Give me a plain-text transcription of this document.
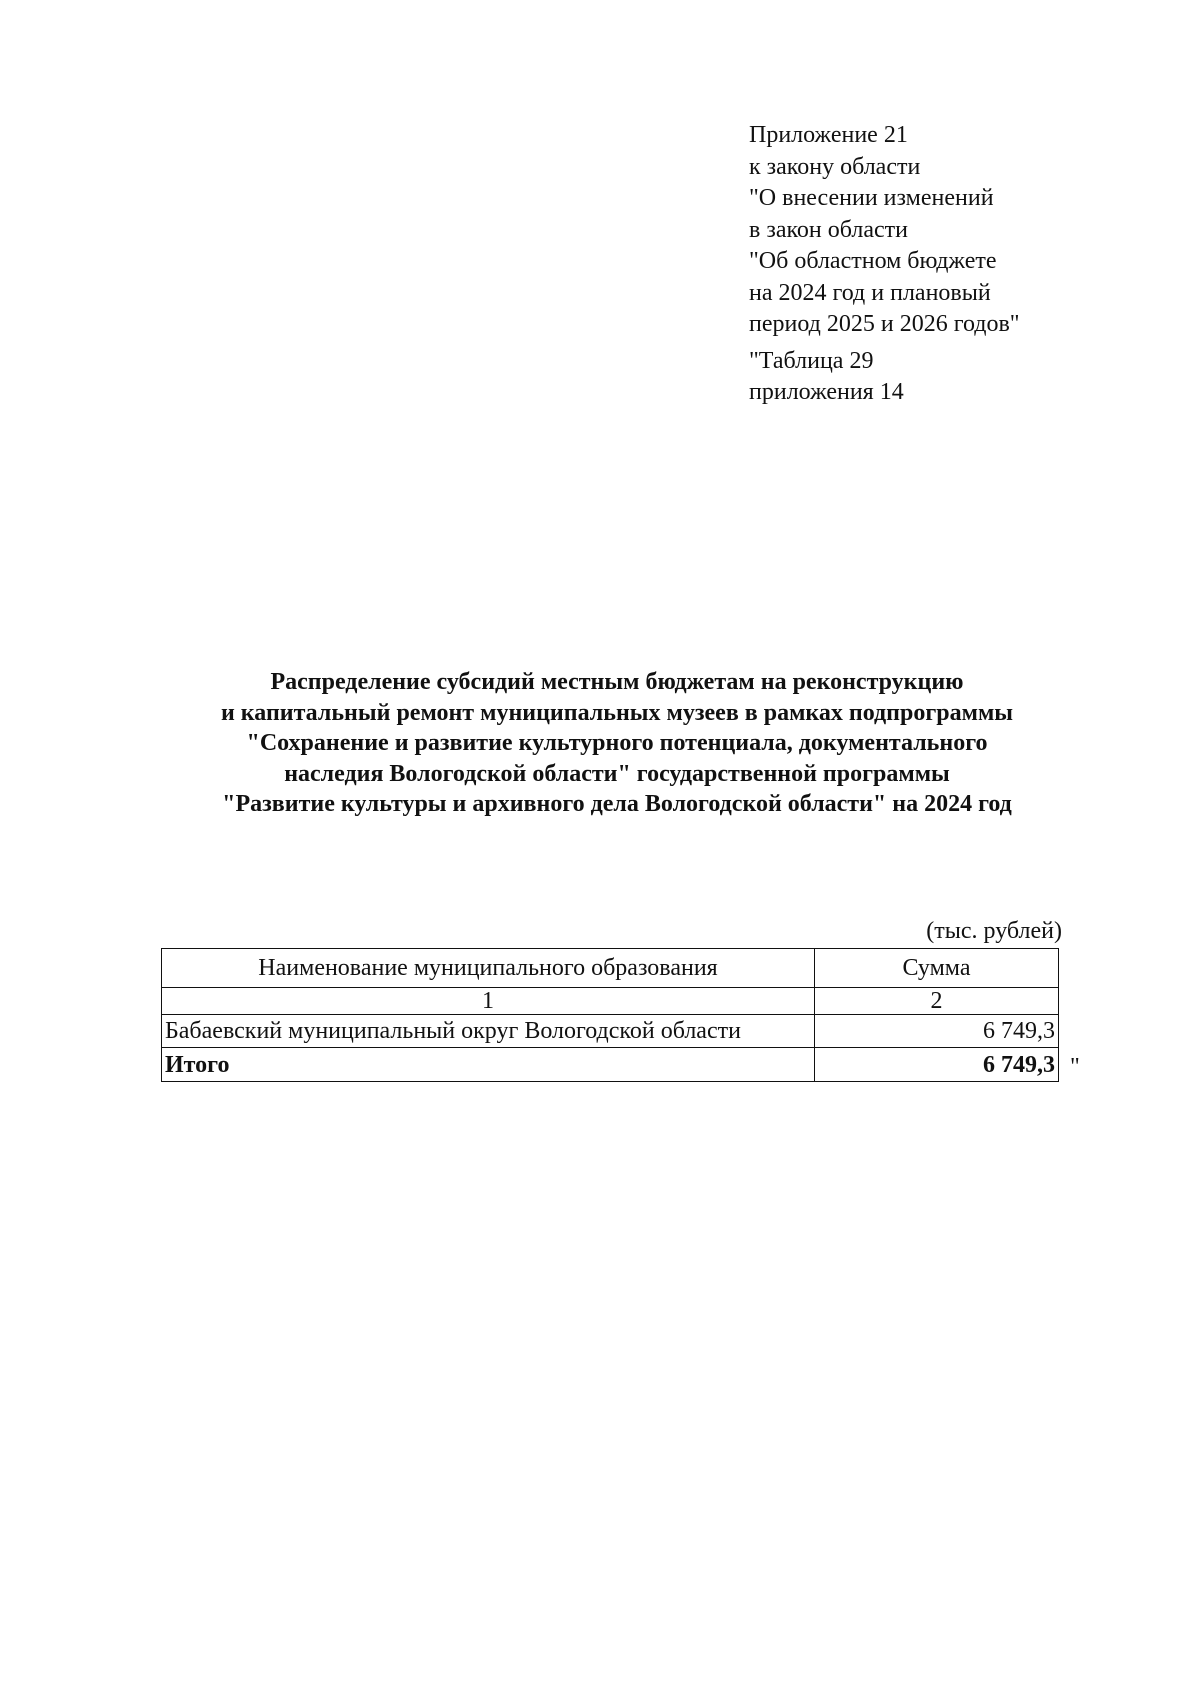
Приложение 21
к закону области
"О внесении изменений
в закон области
"Об областном бюджете
на 2024 год и плановый
период 2025 и 2026 годов"
"Таблица 29
приложения 14
Распределение субсидий местным бюджетам на реконструкцию
и капитальный ремонт муниципальных музеев в рамках подпрограммы
"Сохранение и развитие культурного потенциала, документального
наследия Вологодской области" государственной программы
"Развитие культуры и архивного дела Вологодской области" на 2024 год
(тыс. рублей)
Наименование муниципального образования	Сумма
1	2
Бабаевский муниципальный округ Вологодской области	6 749,3
Итого	6 749,3 "
